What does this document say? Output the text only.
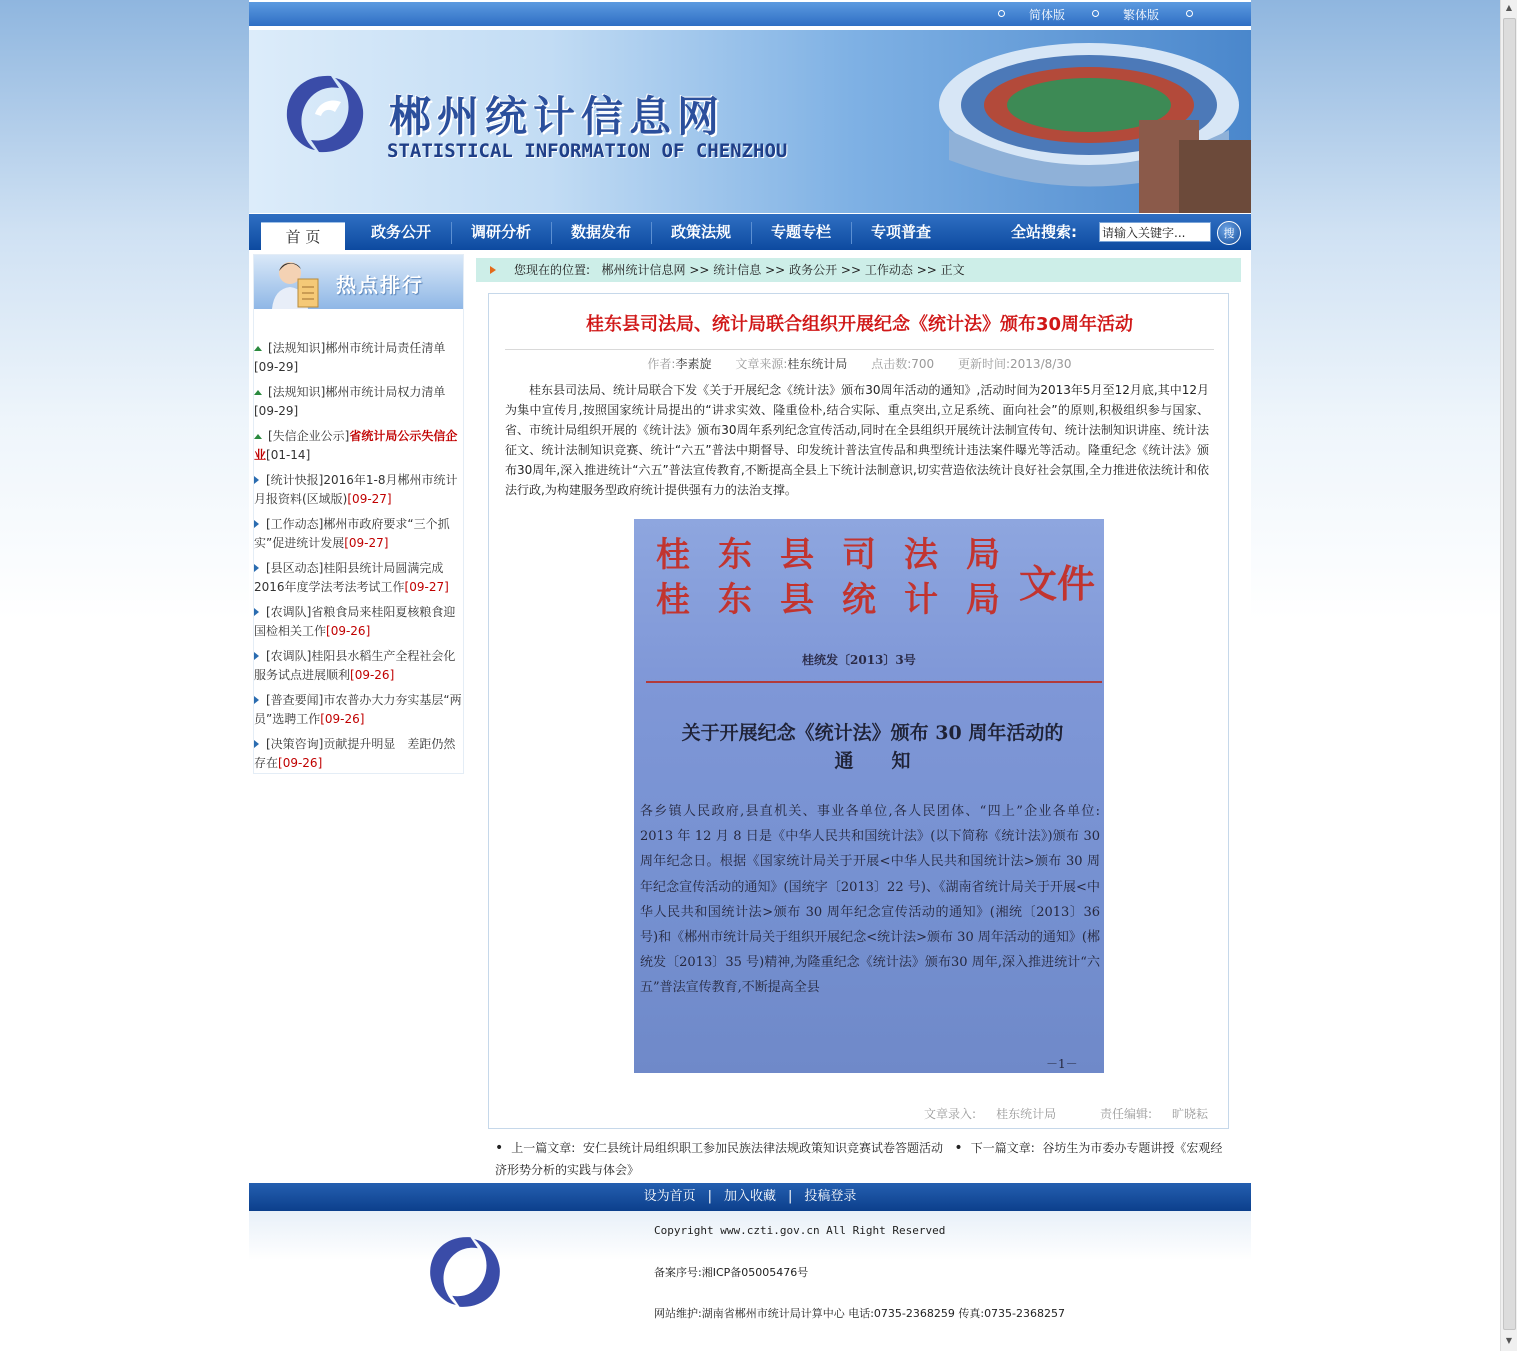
▲
▼
简体版	繁体版
郴州统计信息网
STATISTICAL INFORMATION OF CHENZHOU
首 页	政务公开	调研分析	数据发布	政策法规	专题专栏	专项普查	全站搜索:
请输入关键字...	搜
热点排行
[法规知识]郴州市统计局责任清单
[09-29]
[法规知识]郴州市统计局权力清单
[09-29]
[失信企业公示]省统计局公示失信企业[01-14]
[统计快报]2016年1-8月郴州市统计月报资料(区域版)[09-27]
[工作动态]郴州市政府要求“三个抓实”促进统计发展[09-27]
[县区动态]桂阳县统计局圆满完成2016年度学法考法考试工作[09-27]
[农调队]省粮食局来桂阳夏核粮食迎国检相关工作[09-26]
[农调队]桂阳县水稻生产全程社会化服务试点进展顺利[09-26]
[普查要闻]市农普办大力夯实基层“两员”选聘工作[09-26]
[决策咨询]贡献提升明显　差距仍然存在[09-26]
您现在的位置: 郴州统计信息网 >> 统计信息 >> 政务公开 >> 工作动态 >> 正文
桂东县司法局、统计局联合组织开展纪念《统计法》颁布30周年活动
作者:李素旋 文章来源:桂东统计局 点击数:700 更新时间:2013/8/30
桂东县司法局、统计局联合下发《关于开展纪念《统计法》颁布30周年活动的通知》,活动时间为2013年5月至12月底,其中12月为集中宣传月,按照国家统计局提出的“讲求实效、隆重俭朴,结合实际、重点突出,立足系统、面向社会”的原则,积极组织参与国家、省、市统计局组织开展的《统计法》颁布30周年系列纪念宣传活动,同时在全县组织开展统计法制宣传旬、统计法制知识讲座、统计法征文、统计法制知识竞赛、统计“六五”普法中期督导、印发统计普法宣传品和典型统计违法案件曝光等活动。隆重纪念《统计法》颁布30周年,深入推进统计“六五”普法宣传教育,不断提高全县上下统计法制意识,切实营造依法统计良好社会氛围,全力推进依法统计和依法行政,为构建服务型政府统计提供强有力的法治支撑。
桂东县司法局
桂东县统计局
文件
桂统发〔2013〕3号
关于开展纪念《统计法》颁布 30 周年活动的
通　　知
各乡镇人民政府,县直机关、事业各单位,各人民团体、“四上”企业各单位:　　2013 年 12 月 8 日是《中华人民共和国统计法》(以下简称《统计法》)颁布 30 周年纪念日。根据《国家统计局关于开展<中华人民共和国统计法>颁布 30 周年纪念宣传活动的通知》(国统字〔2013〕22 号)、《湖南省统计局关于开展<中华人民共和国统计法>颁布 30 周年纪念宣传活动的通知》(湘统〔2013〕36 号)和《郴州市统计局关于组织开展纪念<统计法>颁布 30 周年活动的通知》(郴统发〔2013〕35 号)精神,为隆重纪念《统计法》颁布30 周年,深入推进统计“六五”普法宣传教育,不断提高全县
－1－
文章录入: 桂东统计局	责任编辑: 旷晓耘
• 上一篇文章: 安仁县统计局组织职工参加民族法律法规政策知识竞赛试卷答题活动 • 下一篇文章: 谷坊生为市委办专题讲授《宏观经济形势分析的实践与体会》
设为首页 | 加入收藏 | 投稿登录
Copyright www.czti.gov.cn All Right Reserved
备案序号:湘ICP备05005476号
网站维护:湖南省郴州市统计局计算中心 电话:0735-2368259 传真:0735-2368257
